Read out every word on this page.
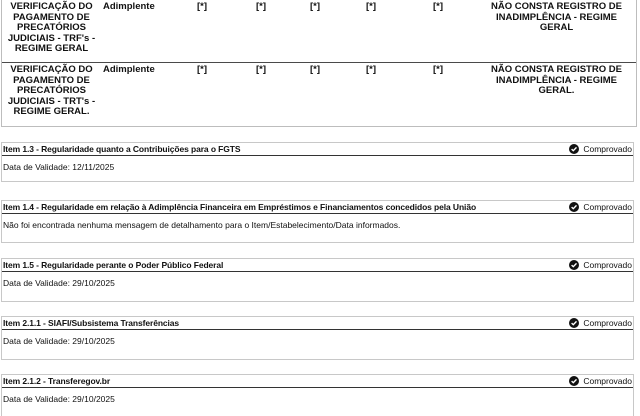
VERIFICAÇÃO DO PAGAMENTO DE PRECATÓRIOS JUDICIAIS - TRF's - REGIME GERAL	Adimplente	[*]	[*]	[*]	[*]	[*]	NÃO CONSTA REGISTRO DE INADIMPLÊNCIA - REGIME GERAL
VERIFICAÇÃO DO PAGAMENTO DE PRECATÓRIOS JUDICIAIS - TRT's - REGIME GERAL.	Adimplente	[*]	[*]	[*]	[*]	[*]	NÃO CONSTA REGISTRO DE INADIMPLÊNCIA - REGIME GERAL.
Item 1.3 - Regularidade quanto a Contribuições para o FGTS	Comprovado
Data de Validade: 12/11/2025
Item 1.4 - Regularidade em relação à Adimplência Financeira em Empréstimos e Financiamentos concedidos pela União	Comprovado
Não foi encontrada nenhuma mensagem de detalhamento para o Item/Estabelecimento/Data informados.
Item 1.5 - Regularidade perante o Poder Público Federal	Comprovado
Data de Validade: 29/10/2025
Item 2.1.1 - SIAFI/Subsistema Transferências	Comprovado
Data de Validade: 29/10/2025
Item 2.1.2 - Transferegov.br	Comprovado
Data de Validade: 29/10/2025
